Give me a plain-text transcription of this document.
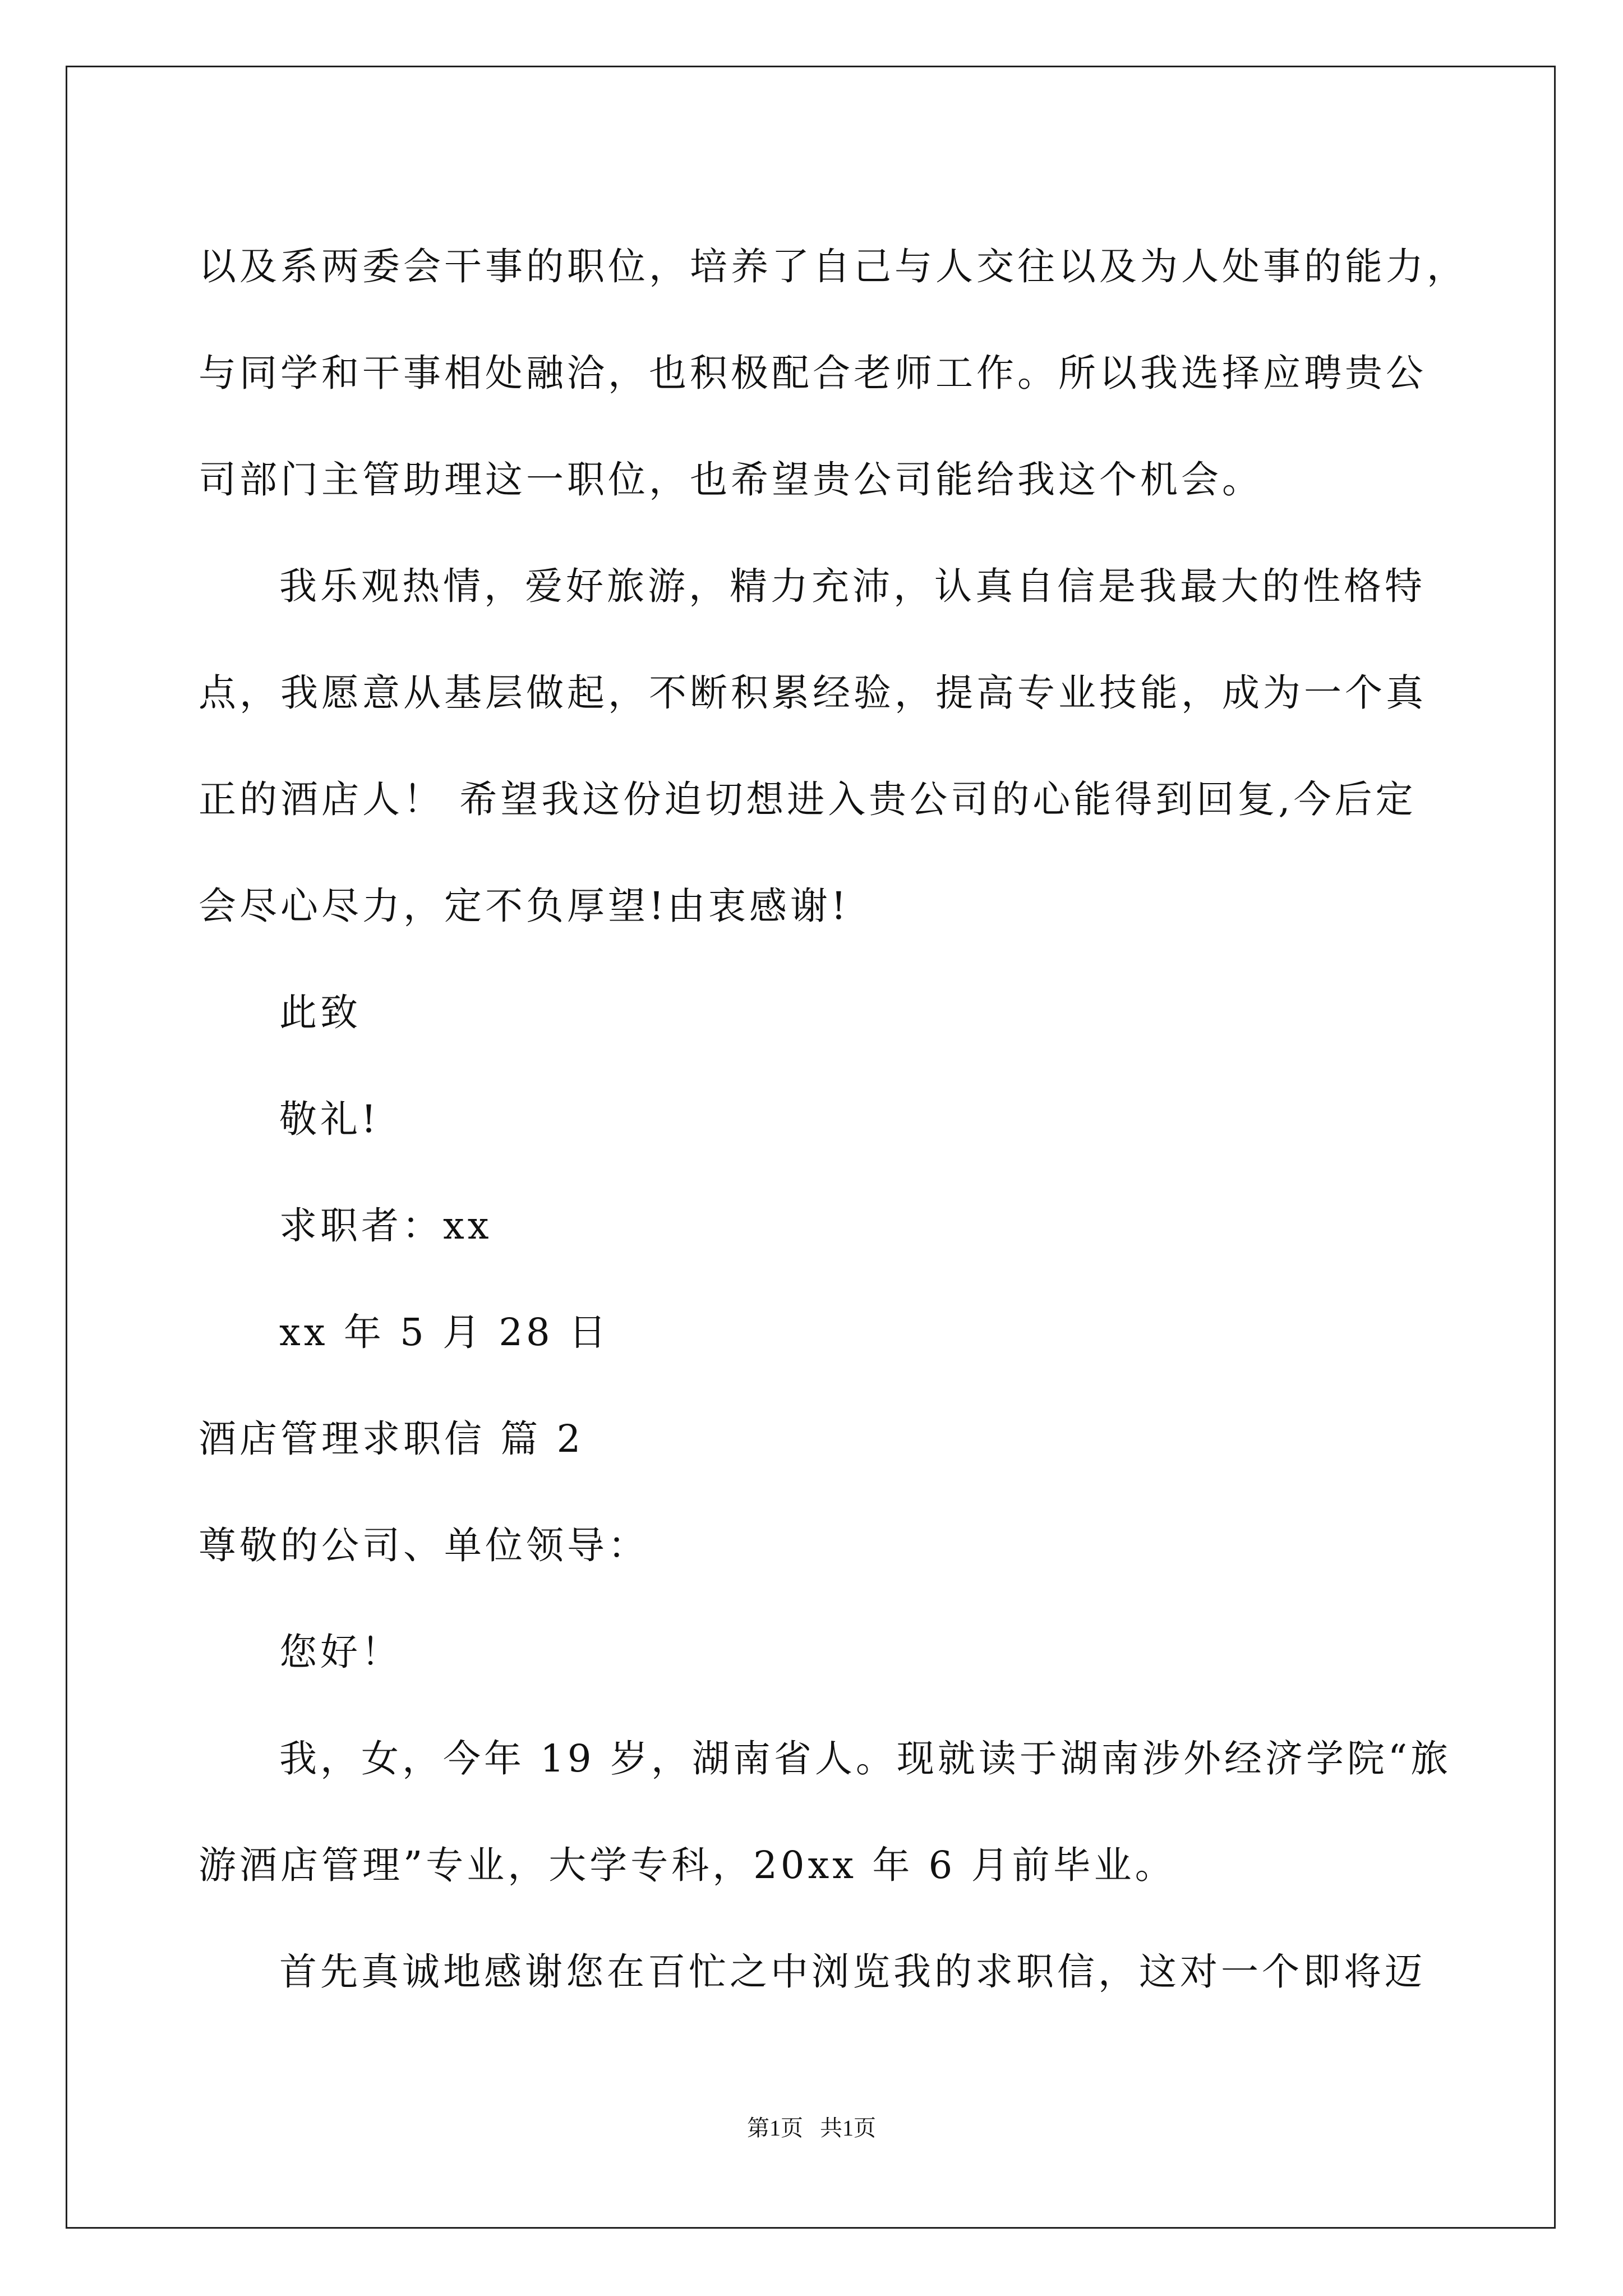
以及系两委会干事的职位，培养了自己与人交往以及为人处事的能力，
与同学和干事相处融洽，也积极配合老师工作。所以我选择应聘贵公
司部门主管助理这一职位，也希望贵公司能给我这个机会。
我乐观热情，爱好旅游，精力充沛，认真自信是我最大的性格特
点，我愿意从基层做起，不断积累经验，提高专业技能，成为一个真
正的酒店人！ 希望我这份迫切想进入贵公司的心能得到回复,今后定
会尽心尽力，定不负厚望!由衷感谢!
此致
敬礼!
求职者：xx
xx 年 5 月 28 日
酒店管理求职信 篇 2
尊敬的公司、单位领导：
您好！
我，女，今年 19 岁，湖南省人。现就读于湖南涉外经济学院“旅
游酒店管理”专业，大学专科，20xx 年 6 月前毕业。
首先真诚地感谢您在百忙之中浏览我的求职信，这对一个即将迈
第1页   共1页
